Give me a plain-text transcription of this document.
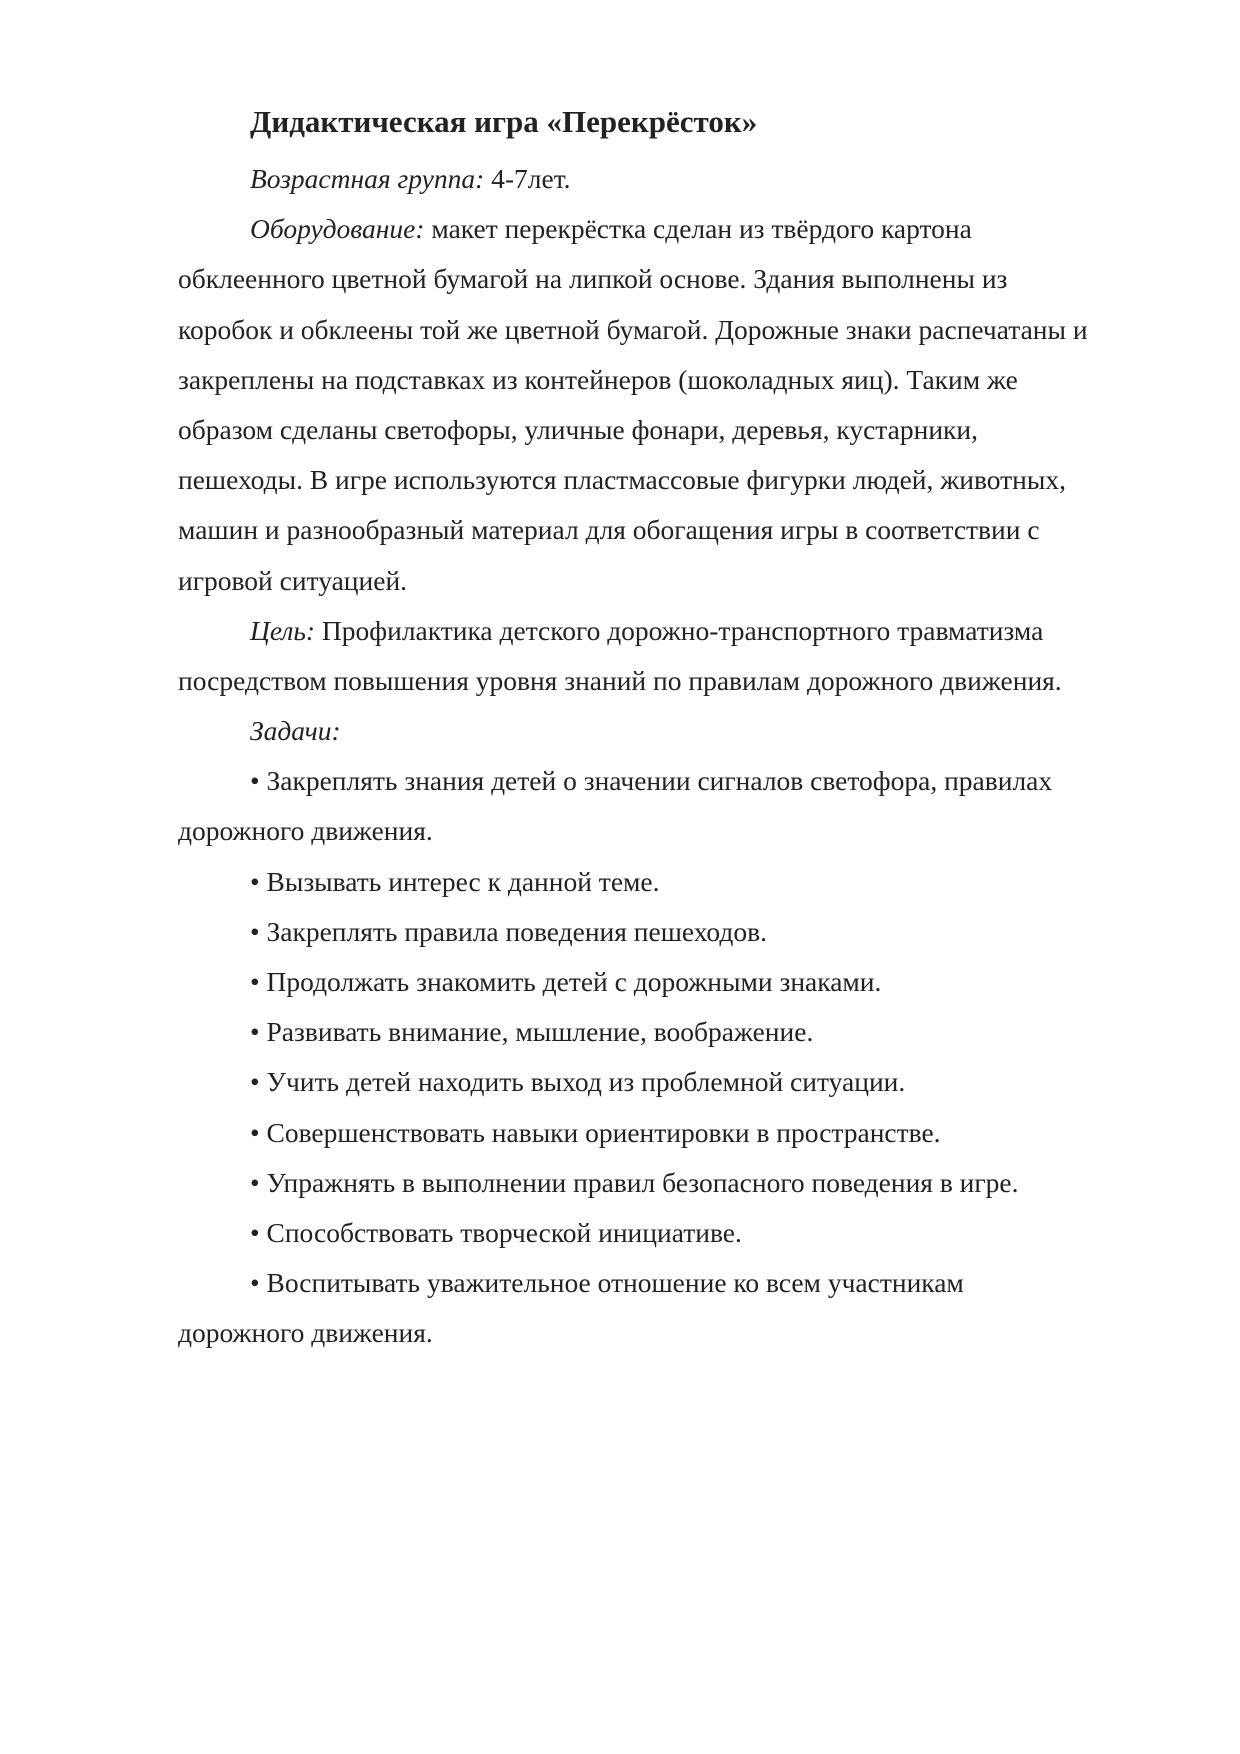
Дидактическая игра «Перекрёсток»
Возрастная группа: 4-7лет.
Оборудование: макет перекрёстка сделан из твёрдого картона
обклеенного цветной бумагой на липкой основе. Здания выполнены из
коробок и обклеены той же цветной бумагой. Дорожные знаки распечатаны и
закреплены на подставках из контейнеров (шоколадных яиц). Таким же
образом сделаны светофоры, уличные фонари, деревья, кустарники,
пешеходы. В игре используются пластмассовые фигурки людей, животных,
машин и разнообразный материал для обогащения игры в соответствии с
игровой ситуацией.
Цель: Профилактика детского дорожно-транспортного травматизма
посредством повышения уровня знаний по правилам дорожного движения.
Задачи:
• Закреплять знания детей о значении сигналов светофора, правилах
дорожного движения.
• Вызывать интерес к данной теме.
• Закреплять правила поведения пешеходов.
• Продолжать знакомить детей с дорожными знаками.
• Развивать внимание, мышление, воображение.
• Учить детей находить выход из проблемной ситуации.
• Совершенствовать навыки ориентировки в пространстве.
• Упражнять в выполнении правил безопасного поведения в игре.
• Способствовать творческой инициативе.
• Воспитывать уважительное отношение ко всем участникам
дорожного движения.
